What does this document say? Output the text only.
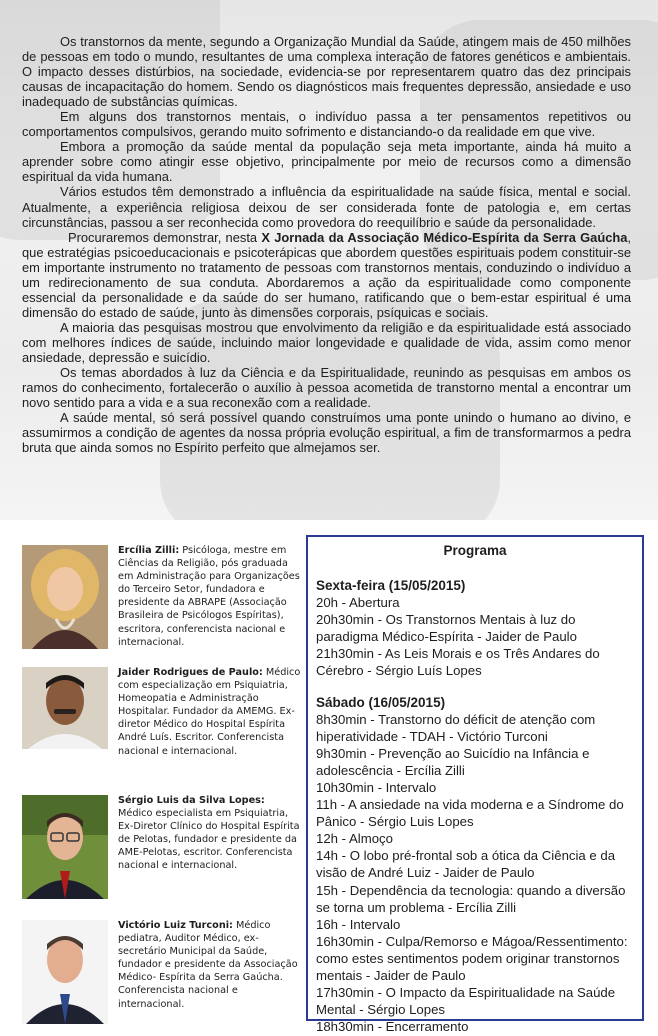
Os transtornos da mente, segundo a Organização Mundial da Saúde, atingem mais de 450 milhões de pessoas em todo o mundo, resultantes de uma complexa interação de fatores genéticos e ambientais. O impacto desses distúrbios, na sociedade, evidencia-se por representarem quatro das dez principais causas de incapacitação do homem. Sendo os diagnósticos mais frequentes depressão, ansiedade e uso inadequado de substâncias químicas.

Em alguns dos transtornos mentais, o indivíduo passa a ter pensamentos repetitivos ou comportamentos compulsivos, gerando muito sofrimento e distanciando-o da realidade em que vive.

Embora a promoção da saúde mental da população seja meta importante, ainda há muito a aprender sobre como atingir esse objetivo, principalmente por meio de recursos como a dimensão espiritual da vida humana.

Vários estudos têm demonstrado a influência da espiritualidade na saúde física, mental e social. Atualmente, a experiência religiosa deixou de ser considerada fonte de patologia e, em certas circunstâncias, passou a ser reconhecida como provedora do reequilíbrio e saúde da personalidade.

Procuraremos demonstrar, nesta X Jornada da Associação Médico-Espírita da Serra Gaúcha, que estratégias psicoeducacionais e psicoterápicas que abordem questões espirituais podem constituir-se em importante instrumento no tratamento de pessoas com transtornos mentais, conduzindo o indivíduo a um redirecionamento de sua conduta. Abordaremos a ação da espiritualidade como componente essencial da personalidade e da saúde do ser humano, ratificando que o bem-estar espiritual é uma dimensão do estado de saúde, junto às dimensões corporais, psíquicas e sociais.

A maioria das pesquisas mostrou que envolvimento da religião e da espiritualidade está associado com melhores índices de saúde, incluindo maior longevidade e qualidade de vida, assim como menor ansiedade, depressão e suicídio.

Os temas abordados à luz da Ciência e da Espiritualidade, reunindo as pesquisas em ambos os ramos do conhecimento, fortalecerão o auxílio à pessoa acometida de transtorno mental a encontrar um novo sentido para a vida e a sua reconexão com a realidade.

A saúde mental, só será possível quando construímos uma ponte unindo o humano ao divino, e assumirmos a condição de agentes da nossa própria evolução espiritual, a fim de transformarmos a pedra bruta que ainda somos no Espírito perfeito que almejamos ser.

Ercília Zilli: Psicóloga, mestre em Ciências da Religião, pós graduada em Administração para Organizações do Terceiro Setor, fundadora e presidente da ABRAPE (Associação Brasileira de Psicólogos Espíritas), escritora, conferencista nacional e internacional.
Jaider Rodrigues de Paulo: Médico com especialização em Psiquiatria, Homeopatia e Administração Hospitalar. Fundador da AMEMG. Ex-diretor Médico do Hospital Espírita André Luís. Escritor. Conferencista nacional e internacional.
Sérgio Luis da Silva Lopes: Médico especialista em Psiquiatria, Ex-Diretor Clínico do Hospital Espírita de Pelotas, fundador e presidente da AME-Pelotas, escritor. Conferencista nacional e internacional.
Victório Luiz Turconi: Médico pediatra, Auditor Médico, ex-secretário Municipal da Saúde, fundador e presidente da Associação Médico- Espírita da Serra Gaúcha. Conferencista nacional e internacional.
Programa
Sexta-feira (15/05/2015)
20h - Abertura
20h30min - Os Transtornos Mentais à luz do paradigma Médico-Espírita - Jaider de Paulo
21h30min - As Leis Morais e os Três Andares do Cérebro - Sérgio Luís Lopes
Sábado (16/05/2015)
8h30min - Transtorno do déficit de atenção com hiperatividade - TDAH - Victório Turconi
9h30min - Prevenção ao Suicídio na Infância e adolescência - Ercília Zilli
10h30min - Intervalo
11h - A ansiedade na vida moderna e a Síndrome do Pânico - Sérgio Luis Lopes
12h - Almoço
14h - O lobo pré-frontal sob a ótica da Ciência e da visão de André Luiz - Jaider de Paulo
15h - Dependência da tecnologia: quando a diversão se torna um problema - Ercília Zilli
16h - Intervalo
16h30min - Culpa/Remorso e Mágoa/Ressentimento: como estes sentimentos podem originar transtornos mentais - Jaider de Paulo
17h30min - O Impacto da Espiritualidade na Saúde Mental - Sérgio Lopes
18h30min - Encerramento
